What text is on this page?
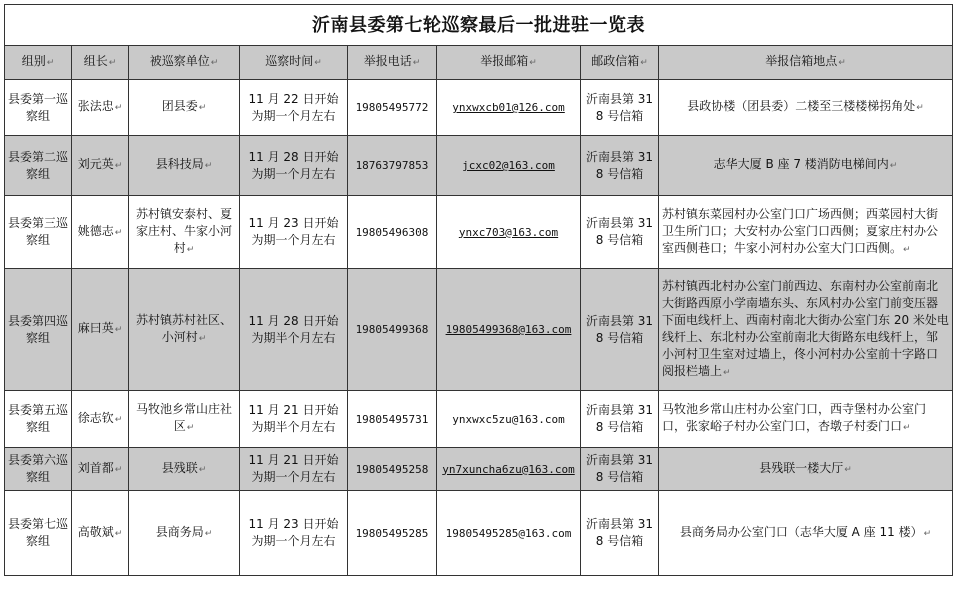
沂南县委第七轮巡察最后一批进驻一览表							
组别 ↵	组长 ↵	被巡察单位 ↵	巡察时间 ↵	举报电话 ↵	举报邮箱 ↵	邮政信箱 ↵	举报信箱地点 ↵
县委第一巡察组	张法忠 ↵	团县委 ↵	11 月 22 日开始为期一个月左右	19805495772	ynxwxcb01@126.com	沂南县第 318 号信箱	县政协楼（团县委）二楼至三楼楼梯拐角处 ↵
县委第二巡察组	刘元英 ↵	县科技局 ↵	11 月 28 日开始为期一个月左右	18763797853	jcxc02@163.com	沂南县第 318 号信箱	志华大厦 B 座 7 楼消防电梯间内 ↵
县委第三巡察组	姚德志 ↵	苏村镇安泰村、夏家庄村、牛家小河村 ↵	11 月 23 日开始为期一个月左右	19805496308	ynxc703@163.com	沂南县第 318 号信箱	苏村镇东菜园村办公室门口广场西侧；西菜园村大街卫生所门口；大安村办公室门口西侧；夏家庄村办公室西侧巷口；牛家小河村办公室大门口西侧。 ↵
县委第四巡察组	麻曰英 ↵	苏村镇苏村社区、小河村 ↵	11 月 28 日开始为期半个月左右	19805499368	19805499368@163.com	沂南县第 318 号信箱	苏村镇西北村办公室门前西边、东南村办公室前南北大街路西原小学南墙东头、东风村办公室门前变压器下面电线杆上、西南村南北大街办公室门东 20 米处电线杆上、东北村办公室前南北大街路东电线杆上，邹小河村卫生室对过墙上，佟小河村办公室前十字路口阅报栏墙上 ↵
县委第五巡察组	徐志钦 ↵	马牧池乡常山庄社区 ↵	11 月 21 日开始为期半个月左右	19805495731	ynxwxc5zu@163.com	沂南县第 318 号信箱	马牧池乡常山庄村办公室门口，西寺堡村办公室门口，张家峪子村办公室门口，杏墩子村委门口 ↵
县委第六巡察组	刘首都 ↵	县残联 ↵	11 月 21 日开始为期一个月左右	19805495258	yn7xuncha6zu@163.com	沂南县第 318 号信箱	县残联一楼大厅 ↵
县委第七巡察组	高敬斌 ↵	县商务局 ↵	11 月 23 日开始为期一个月左右	19805495285	19805495285@163.com	沂南县第 318 号信箱	县商务局办公室门口（志华大厦 A 座 11 楼） ↵
